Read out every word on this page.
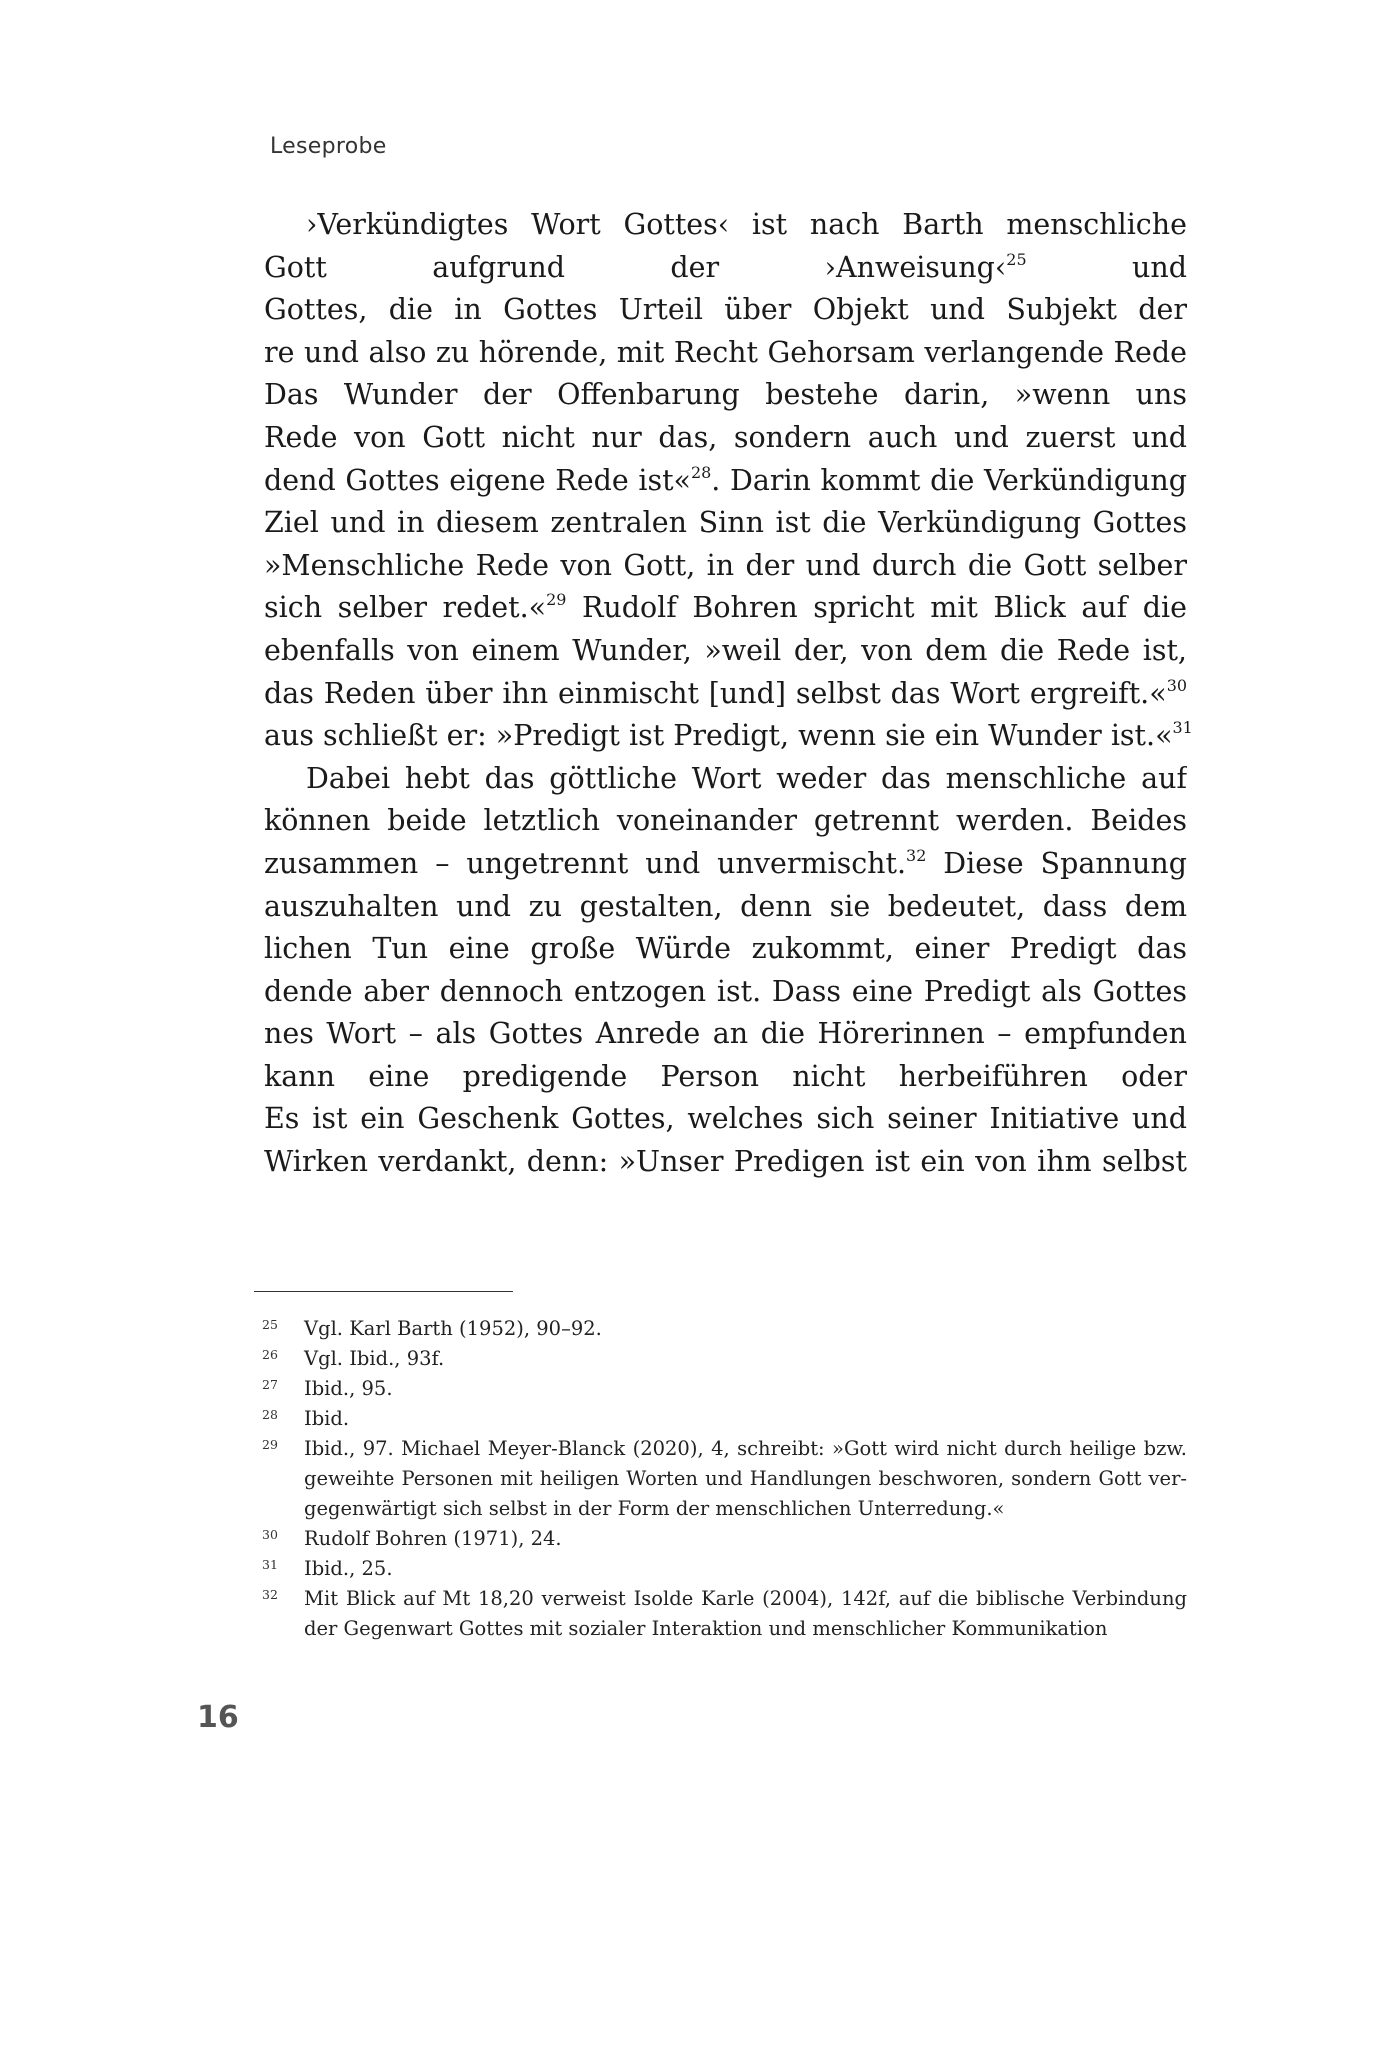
Leseprobe
›Verkündigtes Wort Gottes‹ ist nach Barth menschliche
Gott aufgrund der ›Anweisung‹$^{25}$	und
Gottes, die in Gottes Urteil über Objekt und Subjekt der
re und also zu hörende, mit Recht Gehorsam verlangende Rede
Das Wunder der Offenbarung bestehe darin, »wenn uns
Rede von Gott nicht nur das, sondern auch und zuerst und
dend Gottes eigene Rede ist«$^{28}$. Darin kommt die Verkündigung
Ziel und in diesem zentralen Sinn ist die Verkündigung Gottes
»Menschliche Rede von Gott, in der und durch die Gott selber
sich selber redet.«$^{29}$ Rudolf Bohren spricht mit Blick auf die
ebenfalls von einem Wunder, »weil der, von dem die Rede ist,
das Reden über ihn einmischt [und] selbst das Wort ergreift.«$^{30}$
aus schließt er: »Predigt ist Predigt, wenn sie ein Wunder ist.«$^{31}$
Dabei hebt das göttliche Wort weder das menschliche auf
können beide letztlich voneinander getrennt werden. Beides
zusammen – ungetrennt und unvermischt.$^{32}$ Diese Spannung
auszuhalten und zu gestalten, denn sie bedeutet, dass dem
lichen Tun eine große Würde zukommt, einer Predigt das
dende aber dennoch entzogen ist. Dass eine Predigt als Gottes
nes Wort – als Gottes Anrede an die Hörerinnen – empfunden
kann eine predigende Person nicht herbeiführen oder
Es ist ein Geschenk Gottes, welches sich seiner Initiative und
Wirken verdankt, denn: »Unser Predigen ist ein von ihm selbst
25 Vgl. Karl Barth (1952), 90–92.
26 Vgl. Ibid., 93f.
27 Ibid., 95.
28 Ibid.
29 Ibid., 97. Michael Meyer-Blanck (2020), 4, schreibt: »Gott wird nicht durch heilige bzw.
geweihte Personen mit heiligen Worten und Handlungen beschworen, sondern Gott ver-
gegenwärtigt sich selbst in der Form der menschlichen Unterredung.«
30 Rudolf Bohren (1971), 24.
31 Ibid., 25.
32 Mit Blick auf Mt 18,20 verweist Isolde Karle (2004), 142f, auf die biblische Verbindung
der Gegenwart Gottes mit sozialer Interaktion und menschlicher Kommunikation
16
